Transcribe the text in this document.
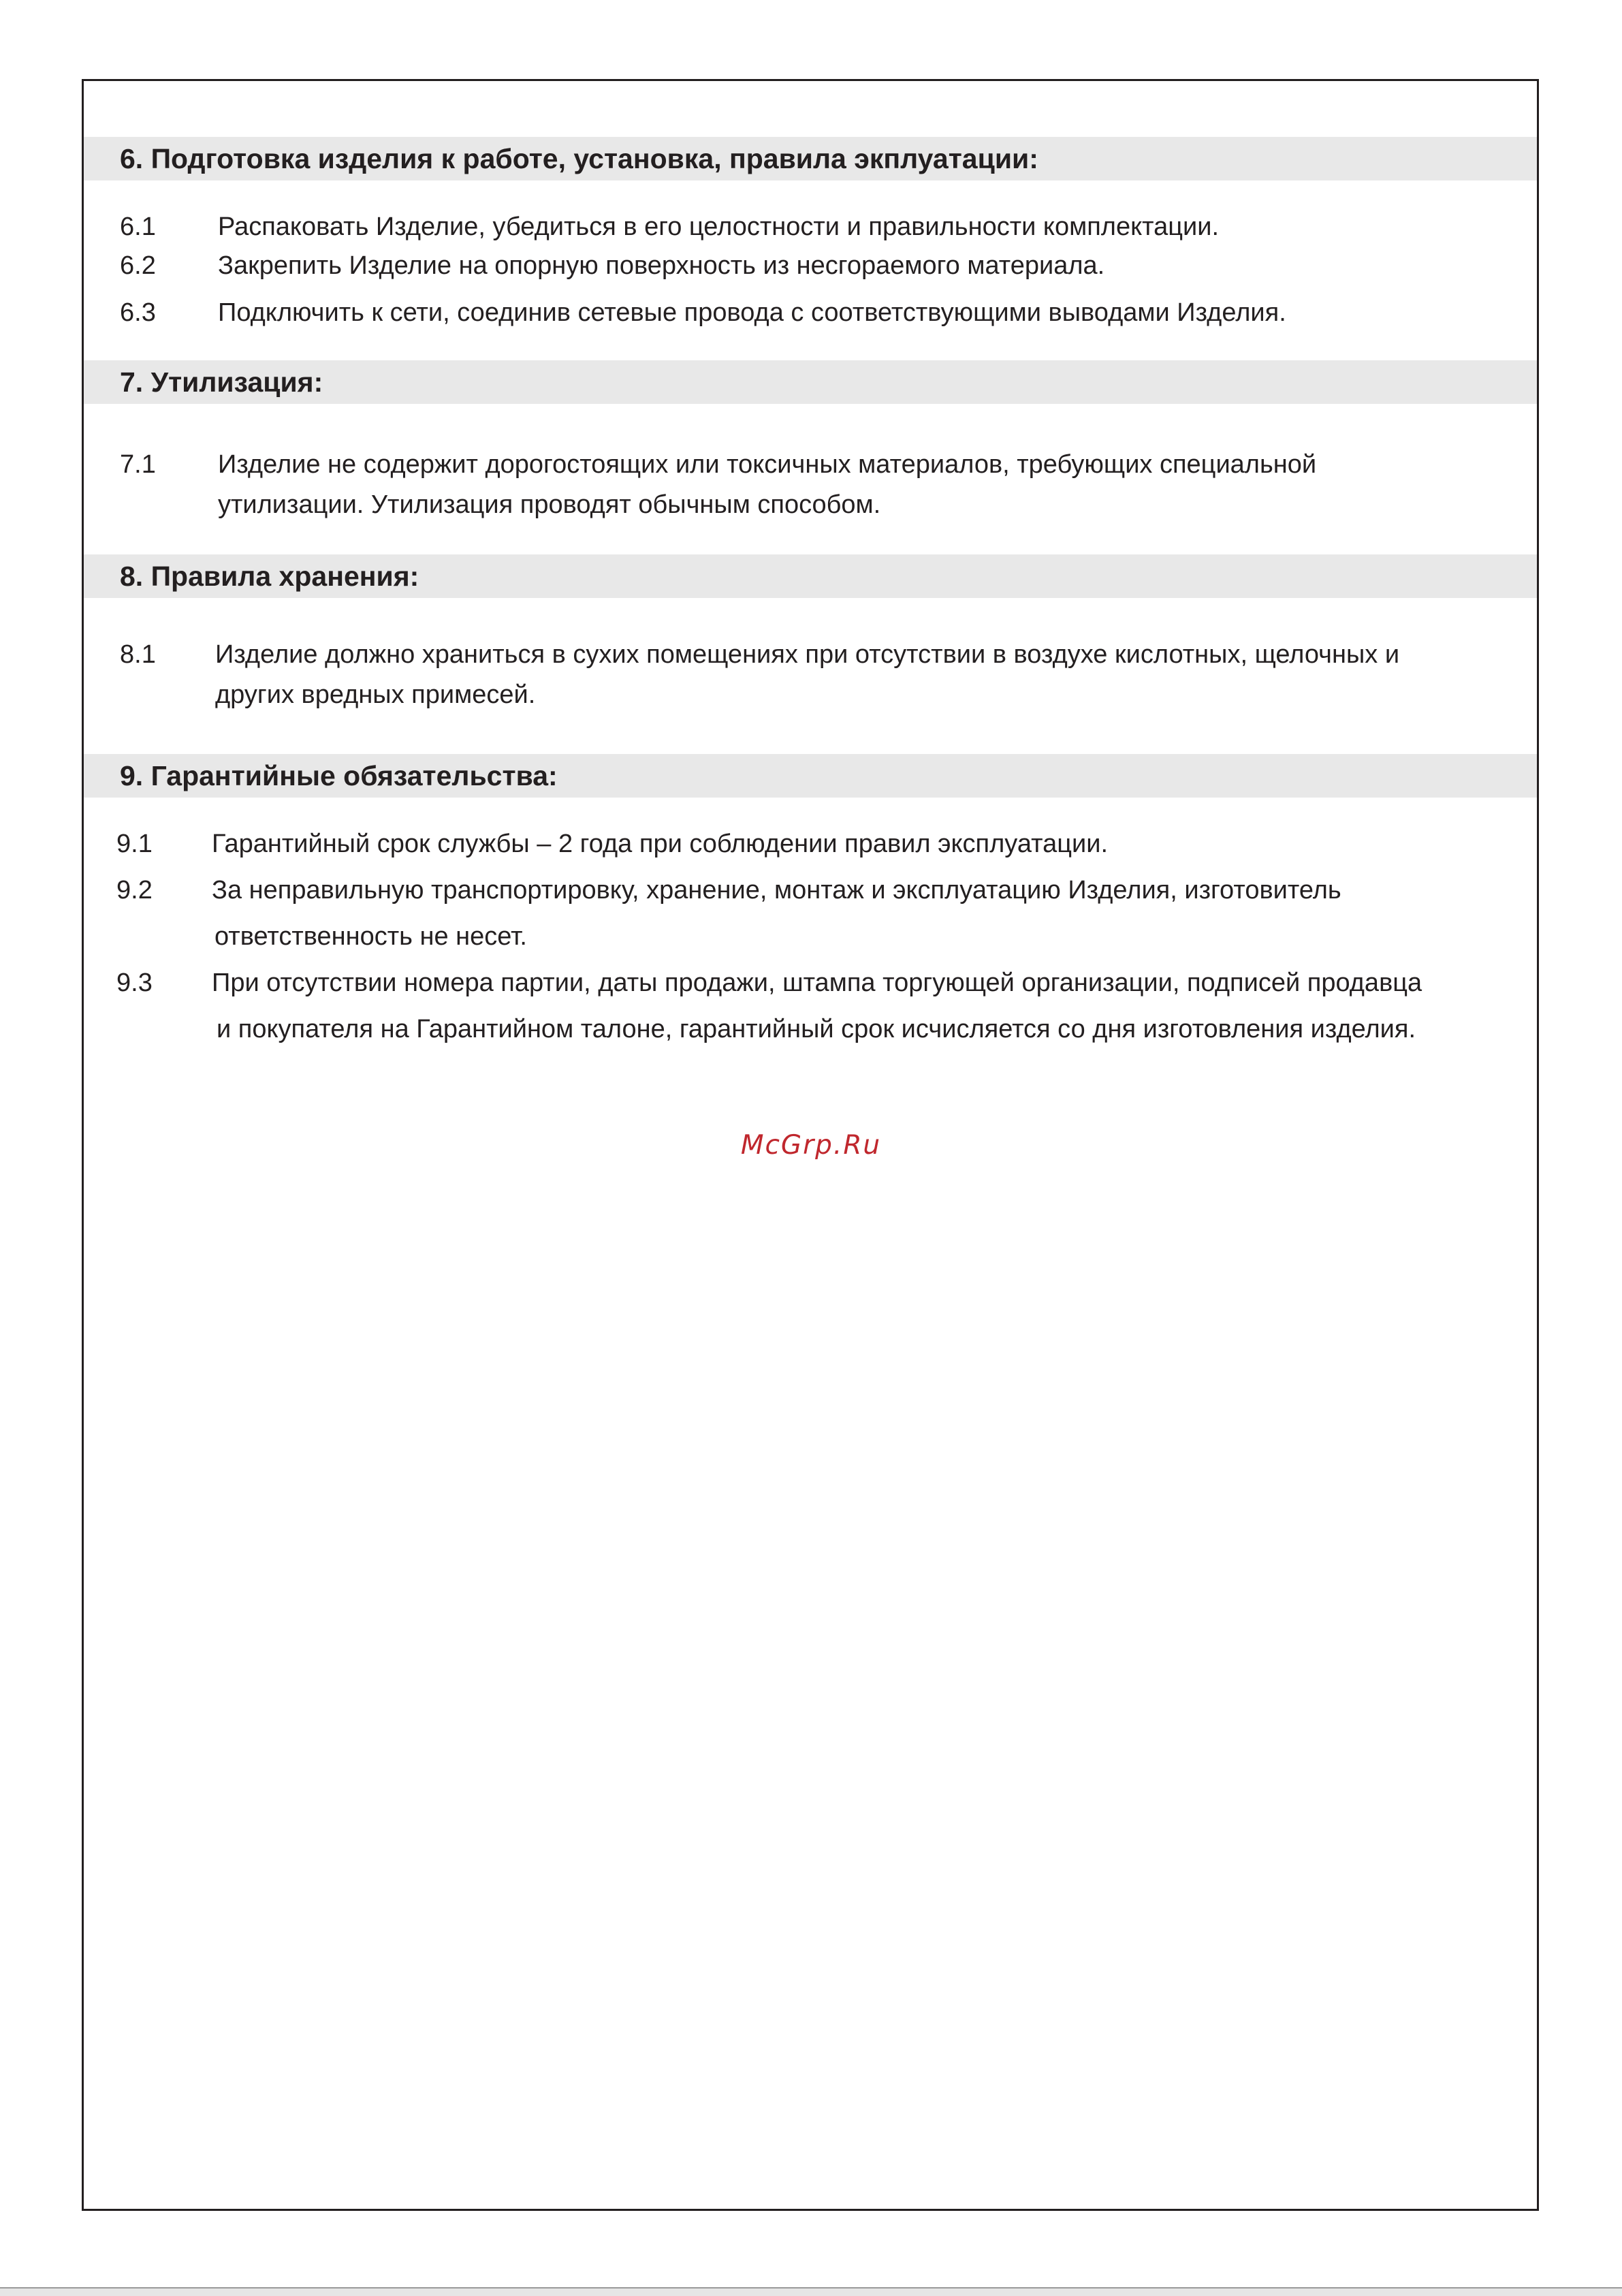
6. Подготовка изделия к работе, установка, правила экплуатации:
6.1 Распаковать Изделие, убедиться в его целостности и правильности комплектации.
6.2 Закрепить Изделие на опорную поверхность из несгораемого материала.
6.3 Подключить к сети, соединив сетевые провода с соответствующими выводами Изделия.
7. Утилизация:
7.1 Изделие не содержит дорогостоящих или токсичных материалов, требующих специальной
утилизации. Утилизация проводят обычным способом.
8. Правила хранения:
8.1 Изделие должно храниться в сухих помещениях при отсутствии в воздухе кислотных, щелочных и
других вредных примесей.
9. Гарантийные обязательства:
9.1 Гарантийный срок службы – 2 года при соблюдении правил эксплуатации.
9.2 За неправильную транспортировку, хранение, монтаж и эксплуатацию Изделия, изготовитель
ответственность не несет.
9.3 При отсутствии номера партии, даты продажи, штампа торгующей организации, подписей продавца
и покупателя на Гарантийном талоне, гарантийный срок исчисляется со дня изготовления изделия.
McGrp.Ru
